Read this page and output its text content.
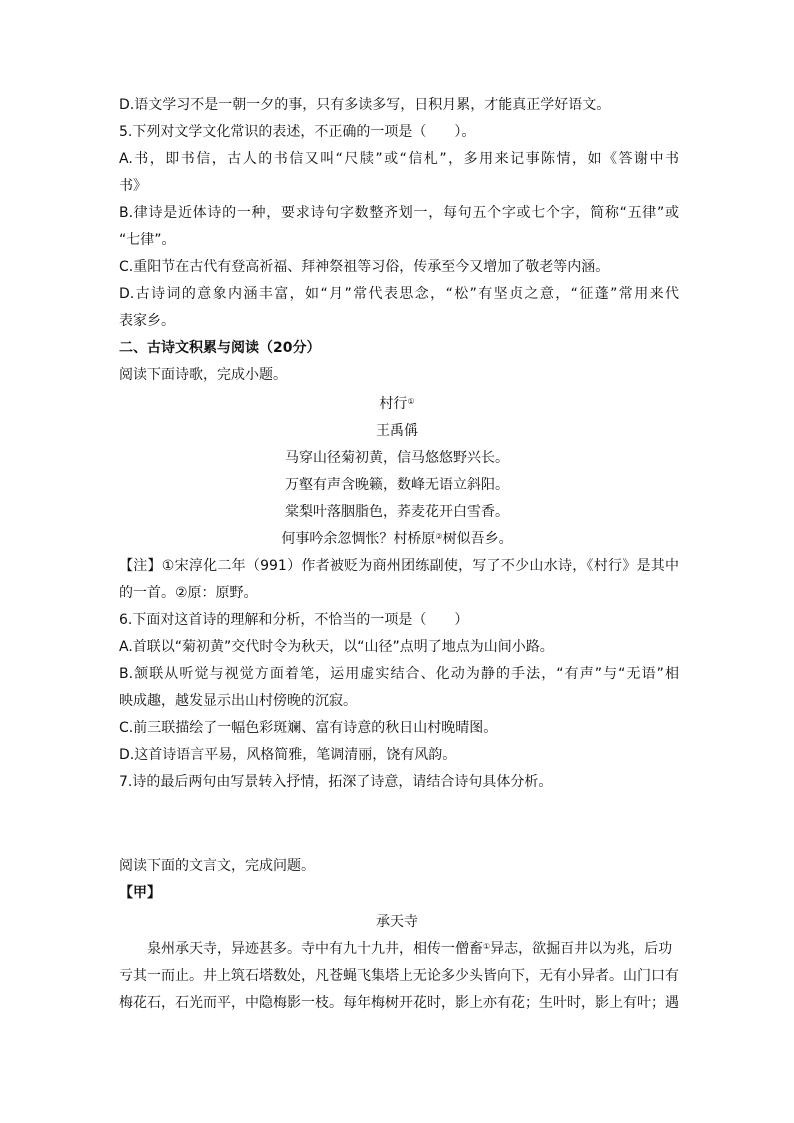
D.语文学习不是一朝一夕的事，只有多读多写，日积月累，才能真正学好语文。
5.下列对文学文化常识的表述，不正确的一项是（　　）。
A.书，即书信，古人的书信又叫“尺牍”或“信札”，多用来记事陈情，如《答谢中书
书》
B.律诗是近体诗的一种，要求诗句字数整齐划一，每句五个字或七个字，简称“五律”或
“七律”。
C.重阳节在古代有登高祈福、拜神祭祖等习俗，传承至今又增加了敬老等内涵。
D.古诗词的意象内涵丰富，如“月”常代表思念，“松”有坚贞之意，“征蓬”常用来代
表家乡。
二、古诗文积累与阅读（20分）
阅读下面诗歌，完成小题。
村行①
王禹偁
马穿山径菊初黄，信马悠悠野兴长。
万壑有声含晚籁，数峰无语立斜阳。
棠梨叶落胭脂色，荞麦花开白雪香。
何事吟余忽惆怅？村桥原②树似吾乡。
【注】①宋淳化二年（991）作者被贬为商州团练副使，写了不少山水诗，《村行》是其中
的一首。②原：原野。
6.下面对这首诗的理解和分析，不恰当的一项是（　　）
A.首联以“菊初黄”交代时令为秋天，以“山径”点明了地点为山间小路。
B.颔联从听觉与视觉方面着笔，运用虚实结合、化动为静的手法，“有声”与“无语”相
映成趣，越发显示出山村傍晚的沉寂。
C.前三联描绘了一幅色彩斑斓、富有诗意的秋日山村晚晴图。
D.这首诗语言平易，风格简雅，笔调清丽，饶有风韵。
7.诗的最后两句由写景转入抒情，拓深了诗意，请结合诗句具体分析。
阅读下面的文言文，完成问题。
【甲】
承天寺
泉州承天寺，异迹甚多。寺中有九十九井，相传一僧畜①异志，欲掘百井以为兆，后功
亏其一而止。井上筑石塔数处，凡苍蝇飞集塔上无论多少头皆向下，无有小异者。山门口有
梅花石，石光而平，中隐梅影一枝。每年梅树开花时，影上亦有花；生叶时，影上有叶；遇
